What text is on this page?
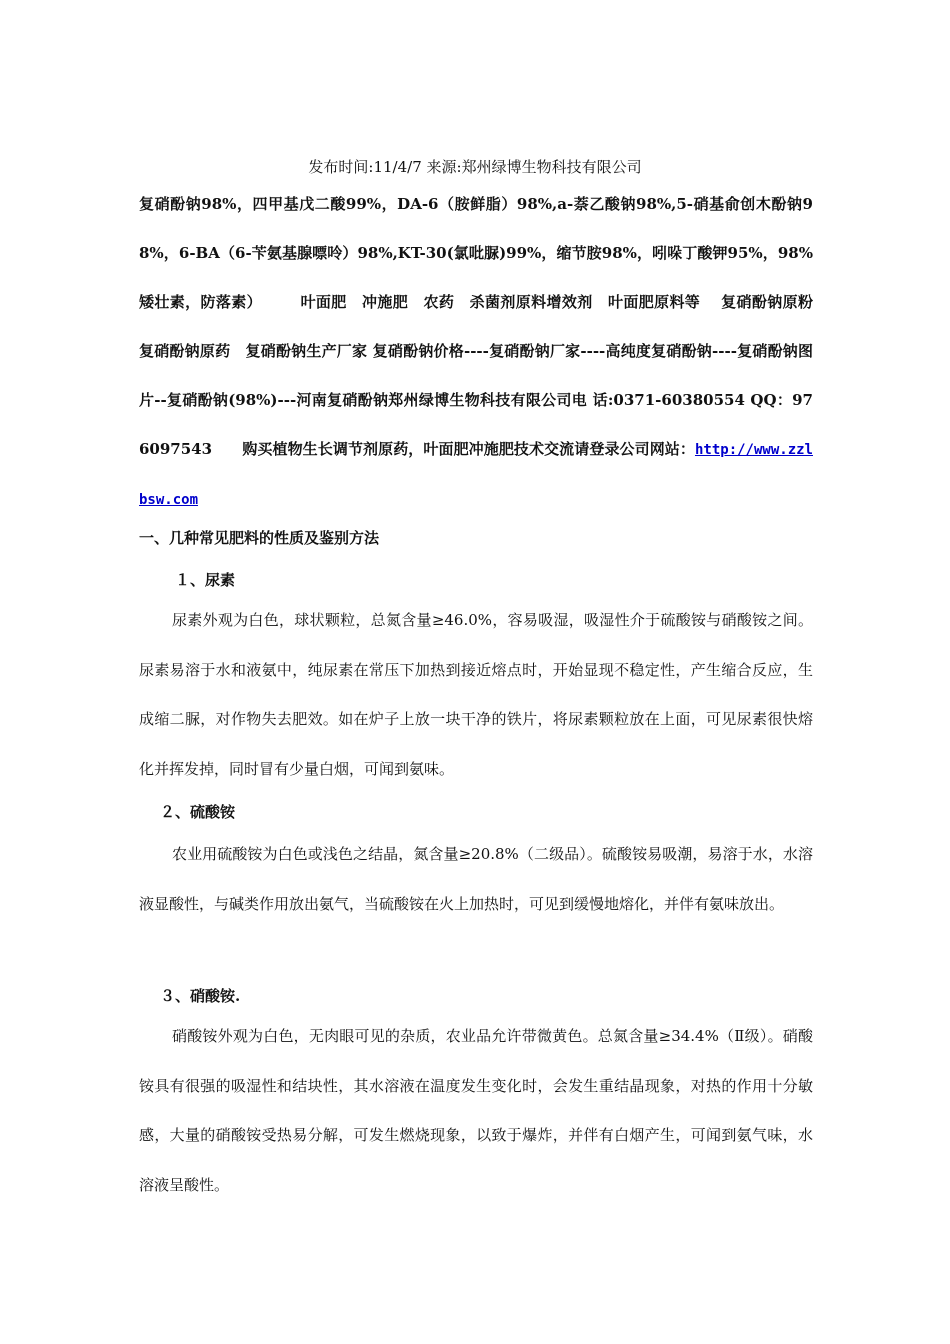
发布时间:11/4/7 来源:郑州绿博生物科技有限公司
复硝酚钠98%，四甲基戊二酸99%，DA-6（胺鲜脂）98%,a-萘乙酸钠98%,5-硝基俞创木酚钠98%，6-BA（6-苄氨基腺嘌呤）98%,KT-30(氯吡脲)99%，缩节胺98%，吲哚丁酸钾95%，98%矮壮素，防落素）　　　叶面肥　冲施肥　农药　杀菌剂原料增效剂　叶面肥原料等　 复硝酚钠原粉 复硝酚钠原药　复硝酚钠生产厂家 复硝酚钠价格----复硝酚钠厂家----高纯度复硝酚钠----复硝酚钠图片--复硝酚钠(98%)---河南复硝酚钠郑州绿博生物科技有限公司电 话:0371-60380554 QQ：976097543　　购买植物生长调节剂原药，叶面肥冲施肥技术交流请登录公司网站：http://www.zzlbsw.com
一、几种常见肥料的性质及鉴别方法
１、尿素
尿素外观为白色，球状颗粒，总氮含量≥46.0%，容易吸湿，吸湿性介于硫酸铵与硝酸铵之间。尿素易溶于水和液氨中，纯尿素在常压下加热到接近熔点时，开始显现不稳定性，产生缩合反应，生成缩二脲，对作物失去肥效。如在炉子上放一块干净的铁片，将尿素颗粒放在上面，可见尿素很快熔化并挥发掉，同时冒有少量白烟，可闻到氨味。
２、硫酸铵
农业用硫酸铵为白色或浅色之结晶，氮含量≥20.8%（二级品）。硫酸铵易吸潮，易溶于水，水溶液显酸性，与碱类作用放出氨气，当硫酸铵在火上加热时，可见到缓慢地熔化，并伴有氨味放出。
３、硝酸铵.
硝酸铵外观为白色，无肉眼可见的杂质，农业品允许带微黄色。总氮含量≥34.4%（Ⅱ级）。硝酸铵具有很强的吸湿性和结块性，其水溶液在温度发生变化时，会发生重结晶现象，对热的作用十分敏感，大量的硝酸铵受热易分解，可发生燃烧现象，以致于爆炸，并伴有白烟产生，可闻到氨气味，水溶液呈酸性。
